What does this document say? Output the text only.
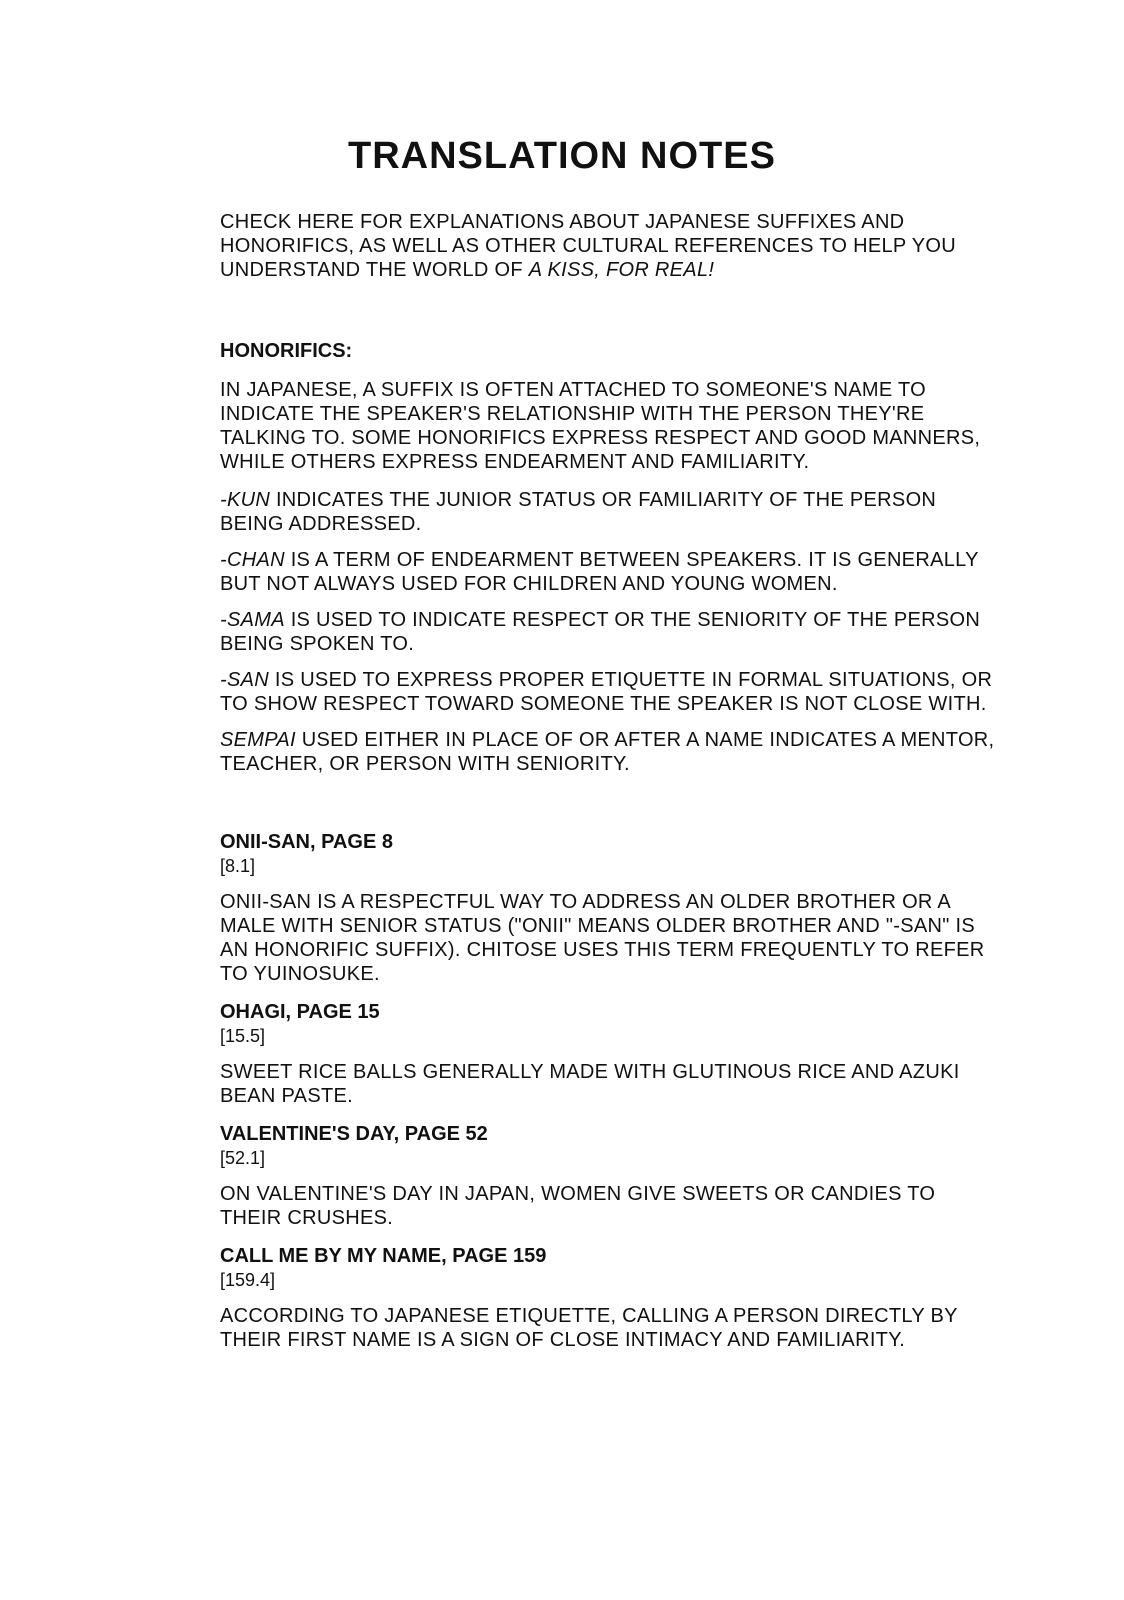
TRANSLATION NOTES

CHECK HERE FOR EXPLANATIONS ABOUT JAPANESE SUFFIXES AND HONORIFICS, AS WELL AS OTHER CULTURAL REFERENCES TO HELP YOU UNDERSTAND THE WORLD OF A KISS, FOR REAL!

HONORIFICS:

IN JAPANESE, A SUFFIX IS OFTEN ATTACHED TO SOMEONE'S NAME TO INDICATE THE SPEAKER'S RELATIONSHIP WITH THE PERSON THEY'RE TALKING TO. SOME HONORIFICS EXPRESS RESPECT AND GOOD MANNERS, WHILE OTHERS EXPRESS ENDEARMENT AND FAMILIARITY.

-KUN INDICATES THE JUNIOR STATUS OR FAMILIARITY OF THE PERSON BEING ADDRESSED.

-CHAN IS A TERM OF ENDEARMENT BETWEEN SPEAKERS. IT IS GENERALLY BUT NOT ALWAYS USED FOR CHILDREN AND YOUNG WOMEN.

-SAMA IS USED TO INDICATE RESPECT OR THE SENIORITY OF THE PERSON BEING SPOKEN TO.

-SAN IS USED TO EXPRESS PROPER ETIQUETTE IN FORMAL SITUATIONS, OR TO SHOW RESPECT TOWARD SOMEONE THE SPEAKER IS NOT CLOSE WITH.

SEMPAI USED EITHER IN PLACE OF OR AFTER A NAME INDICATES A MENTOR, TEACHER, OR PERSON WITH SENIORITY.

ONII-SAN, PAGE 8
[8.1]

ONII-SAN IS A RESPECTFUL WAY TO ADDRESS AN OLDER BROTHER OR A MALE WITH SENIOR STATUS ("ONII" MEANS OLDER BROTHER AND "-SAN" IS AN HONORIFIC SUFFIX). CHITOSE USES THIS TERM FREQUENTLY TO REFER TO YUINOSUKE.

OHAGI, PAGE 15
[15.5]

SWEET RICE BALLS GENERALLY MADE WITH GLUTINOUS RICE AND AZUKI BEAN PASTE.

VALENTINE'S DAY, PAGE 52
[52.1]

ON VALENTINE'S DAY IN JAPAN, WOMEN GIVE SWEETS OR CANDIES TO THEIR CRUSHES.

CALL ME BY MY NAME, PAGE 159
[159.4]

ACCORDING TO JAPANESE ETIQUETTE, CALLING A PERSON DIRECTLY BY THEIR FIRST NAME IS A SIGN OF CLOSE INTIMACY AND FAMILIARITY.
